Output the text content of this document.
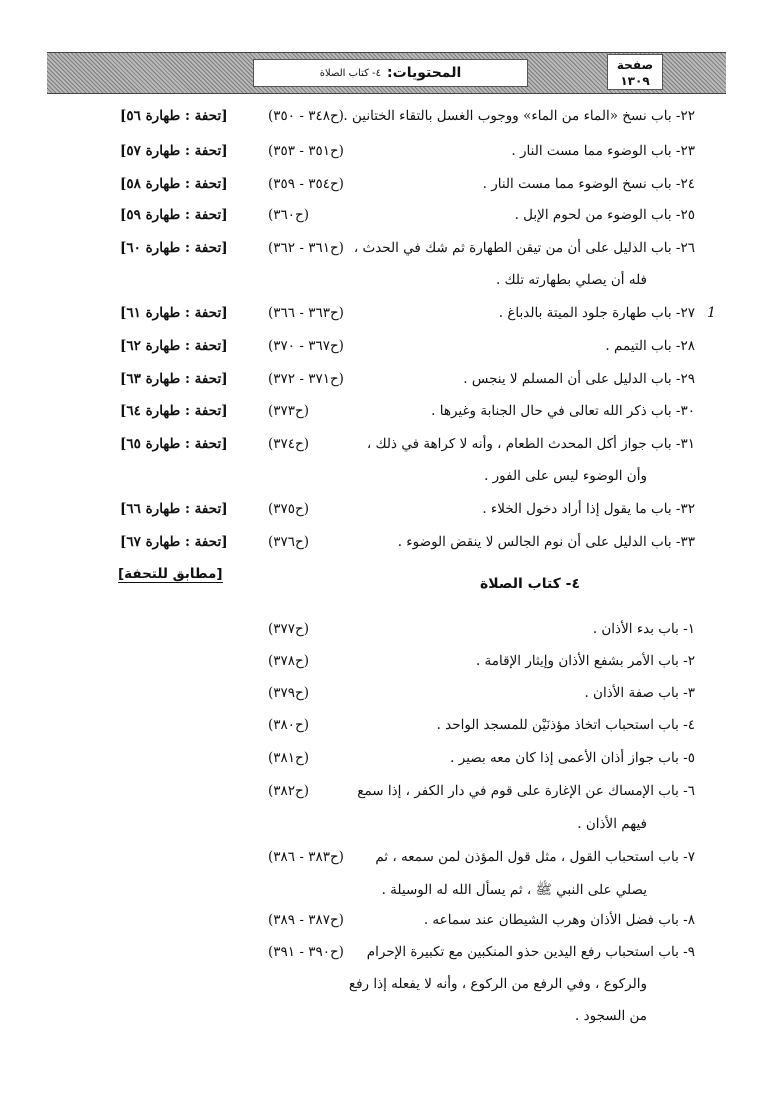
المحتويات:
٤- كتاب الصلاة
صفحة
١٣٠٩
1
٢٢- باب نسخ «الماء من الماء» ووجوب الغسل بالتقاء الختانين .
(ح٣٤٨ - ٣٥٠)
[تحفة : طهارة ٥٦]
٢٣- باب الوضوء مما مست النار .
(ح٣٥١ - ٣٥٣)
[تحفة : طهارة ٥٧]
٢٤- باب نسخ الوضوء مما مست النار .
(ح٣٥٤ - ٣٥٩)
[تحفة : طهارة ٥٨]
٢٥- باب الوضوء من لحوم الإبل .
(ح٣٦٠)
[تحفة : طهارة ٥٩]
٢٦- باب الدليل على أن من تيقن الطهارة ثم شك في الحدث ،
فله أن يصلي بطهارته تلك .
(ح٣٦١ - ٣٦٢)
[تحفة : طهارة ٦٠]
٢٧- باب طهارة جلود الميتة بالدباغ .
(ح٣٦٣ - ٣٦٦)
[تحفة : طهارة ٦١]
٢٨- باب التيمم .
(ح٣٦٧ - ٣٧٠)
[تحفة : طهارة ٦٢]
٢٩- باب الدليل على أن المسلم لا ينجس .
(ح٣٧١ - ٣٧٢)
[تحفة : طهارة ٦٣]
٣٠- باب ذكر الله تعالى في حال الجنابة وغيرها .
(ح٣٧٣)
[تحفة : طهارة ٦٤]
٣١- باب جواز أكل المحدث الطعام ، وأنه لا كراهة في ذلك ،
وأن الوضوء ليس على الفور .
(ح٣٧٤)
[تحفة : طهارة ٦٥]
٣٢- باب ما يقول إذا أراد دخول الخلاء .
(ح٣٧٥)
[تحفة : طهارة ٦٦]
٣٣- باب الدليل على أن نوم الجالس لا ينقض الوضوء .
(ح٣٧٦)
[تحفة : طهارة ٦٧]
[مطابق للتحفة]
٤- كتاب الصلاة
١- باب بدء الأذان .
(ح٣٧٧)
٢- باب الأمر بشفع الأذان وإيثار الإقامة .
(ح٣٧٨)
٣- باب صفة الأذان .
(ح٣٧٩)
٤- باب استحباب اتخاذ مؤذنَيْن للمسجد الواحد .
(ح٣٨٠)
٥- باب جواز أذان الأعمى إذا كان معه بصير .
(ح٣٨١)
٦- باب الإمساك عن الإغارة على قوم في دار الكفر ، إذا سمع
فيهم الأذان .
(ح٣٨٢)
٧- باب استحباب القول ، مثل قول المؤذن لمن سمعه ، ثم
يصلي على النبي ﷺ ، ثم يسأل الله له الوسيلة .
(ح٣٨٣ - ٣٨٦)
٨- باب فضل الأذان وهرب الشيطان عند سماعه .
(ح٣٨٧ - ٣٨٩)
٩- باب استحباب رفع اليدين حذو المنكبين مع تكبيرة الإحرام
والركوع ، وفي الرفع من الركوع ، وأنه لا يفعله إذا رفع
من السجود .
(ح٣٩٠ - ٣٩١)
